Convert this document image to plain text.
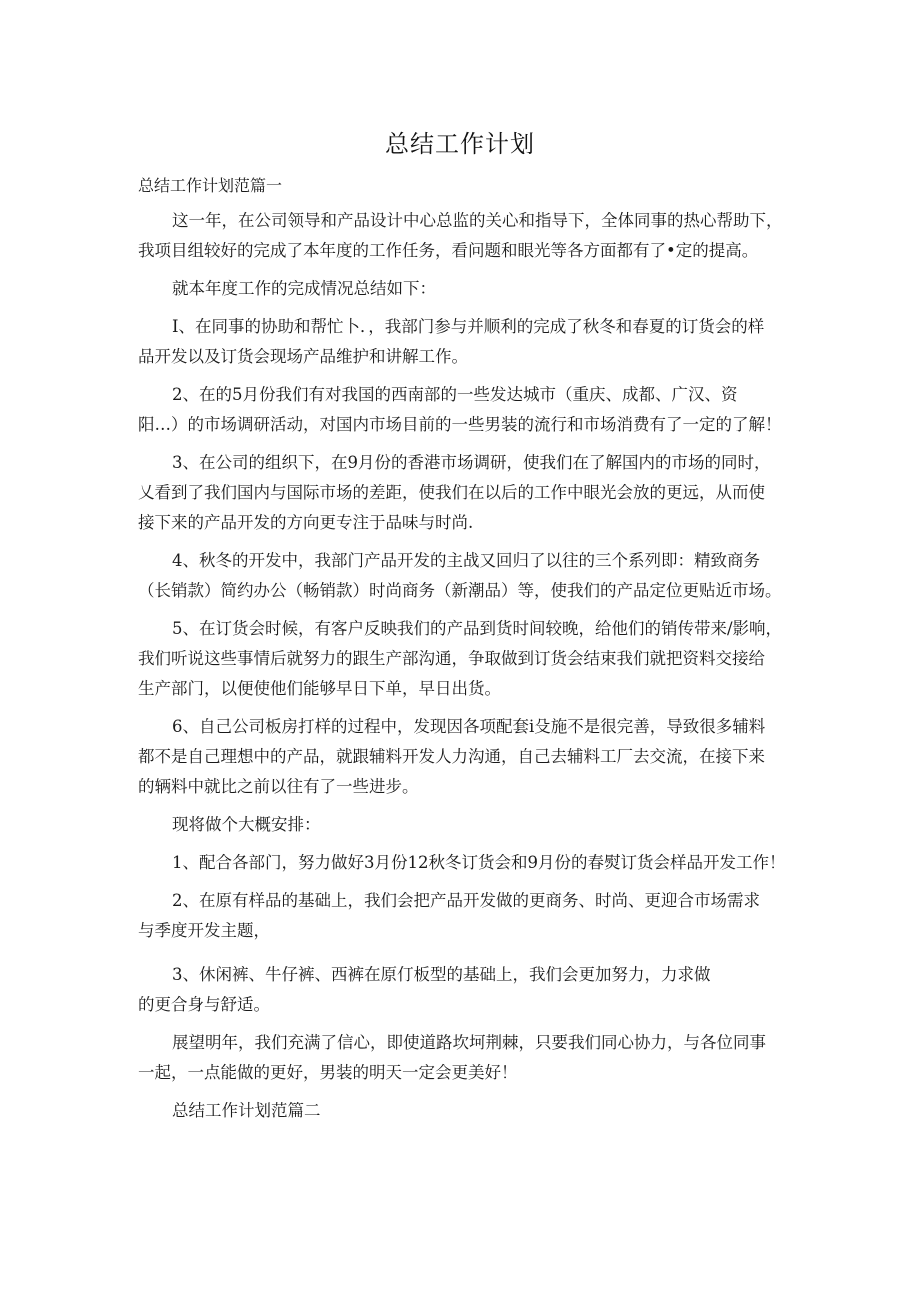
总结工作计划
总结工作计划范篇一

这一年，在公司领导和产品设计中心总监的关心和指导下，全体同事的热心帮助下，
我项目组较好的完成了本年度的工作任务，看问题和眼光等各方面都有了•定的提高。

就本年度工作的完成情况总结如下：

I、在同事的协助和帮忙卜．，我部门参与并顺利的完成了秋冬和春夏的订货会的样
品开发以及订货会现场产品维护和讲解工作。

2、在的5月份我们有对我国的西南部的一些发达城市（重庆、成都、广汉、资
阳…）的市场调研活动，对国内市场目前的一些男装的流行和市场消费有了一定的了解！

3、在公司的组织下，在9月份的香港市场调研，使我们在了解国内的市场的同时，
乂看到了我们国内与国际市场的差距，使我们在以后的工作中眼光会放的更远，从而使
接下来的产品开发的方向更专注于品味与时尚.

4、秋冬的开发中，我部门产品开发的主战又回归了以往的三个系列即：精致商务
（长销款）简约办公（畅销款）时尚商务（新潮品）等，使我们的产品定位更贴近市场。

5、在订货会时候，有客户反映我们的产品到货时间较晚，给他们的销传带来/影响，
我们听说这些事情后就努力的跟生产部沟通，争取做到订货会结束我们就把资料交接给
生产部门，以便使他们能够早日下单，早日出货。

6、自己公司板房打样的过程中，发现因各项配套i殳施不是很完善，导致很多辅料
都不是自己理想中的产品，就跟辅料开发人力沟通，自己去辅料工厂去交流，在接下来
的辆料中就比之前以往有了一些进步。

现将做个大概安排：

1、配合各部门，努力做好3月份12秋冬订货会和9月份的春熨订货会样品开发工作！

2、在原有样品的基础上，我们会把产品开发做的更商务、时尚、更迎合市场需求
与季度开发主题，

3、休闲裤、牛仔裤、西裤在原仃板型的基础上，我们会更加努力，力求做
的更合身与舒适。

展望明年，我们充满了信心，即使道路坎坷荆棘，只要我们同心协力，与各位同事
一起，一点能做的更好，男装的明天一定会更美好！

总结工作计划范篇二
